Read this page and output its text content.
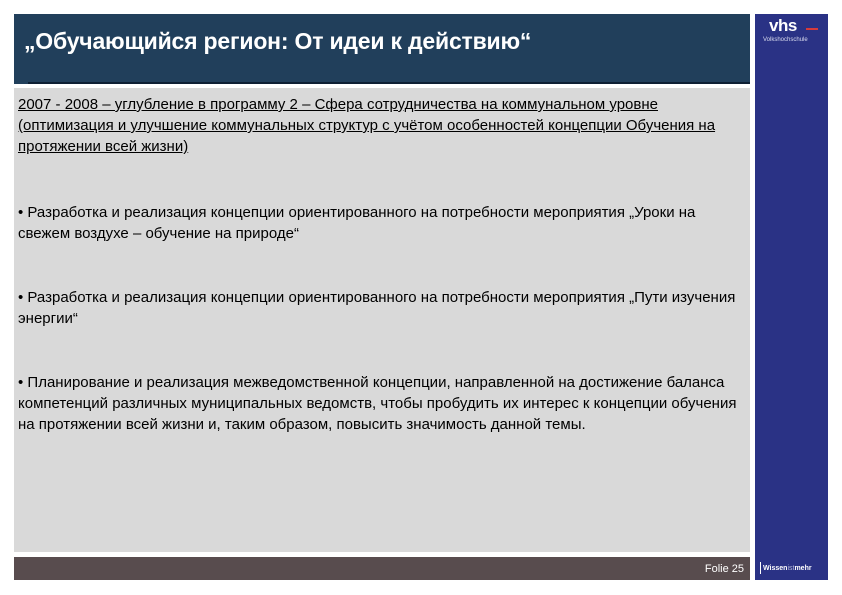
„Обучающийся регион: От идеи к действию“
vhs
Volkshochschule

2007 - 2008 – углубление в программу 2 – Сфера сотрудничества на коммунальном уровне (оптимизация и улучшение коммунальных структур с учётом особенностей концепции Обучения на протяжении всей жизни)

• Разработка и реализация концепции ориентированного на потребности мероприятия „Уроки на свежем воздухе – обучение на природе“

• Разработка и реализация концепции ориентированного на потребности мероприятия „Пути изучения энергии“

• Планирование и реализация межведомственной концепции, направленной на достижение баланса компетенций различных муниципальных ведомств, чтобы пробудить их интерес к концепции обучения на протяжении всей жизни и, таким образом, повысить значимость данной темы.

Folie 25	Wissenistmehr
